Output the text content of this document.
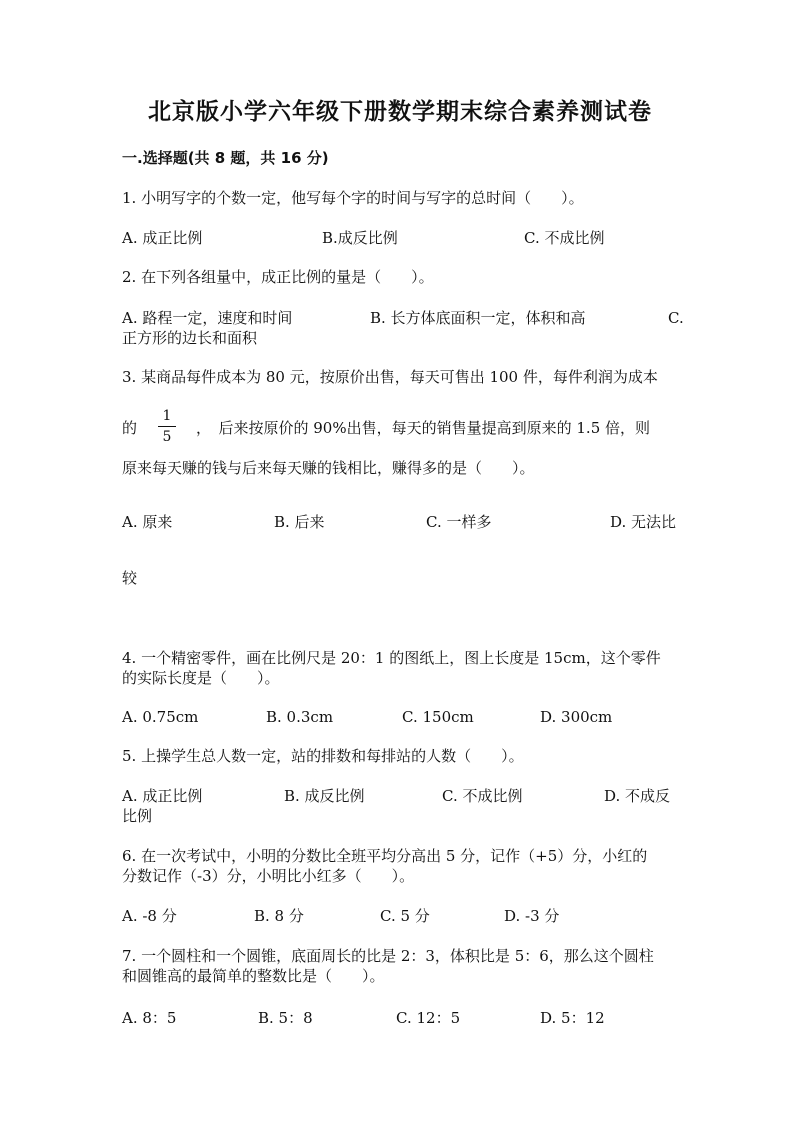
北京版小学六年级下册数学期末综合素养测试卷
一.选择题(共 8 题，共 16 分)
1. 小明写字的个数一定，他写每个字的时间与写字的总时间（　　）。
A. 成正比例	B.成反比例	C. 不成比例
2. 在下列各组量中，成正比例的量是（　　）。
A. 路程一定，速度和时间	B. 长方体底面积一定，体积和高	C.
正方形的边长和面积
3. 某商品每件成本为 80 元，按原价出售，每天可售出 100 件，每件利润为成本
的
1
5	，　后来按原价的 90%出售，每天的销售量提高到原来的 1.5 倍，则
原来每天赚的钱与后来每天赚的钱相比，赚得多的是（　　）。
A. 原来	B. 后来	C. 一样多	D. 无法比
较
4. 一个精密零件，画在比例尺是 20：1 的图纸上，图上长度是 15cm，这个零件
的实际长度是（　　）。
A. 0.75cm	B. 0.3cm	C. 150cm	D. 300cm
5. 上操学生总人数一定，站的排数和每排站的人数（　　）。
A. 成正比例	B. 成反比例	C. 不成比例	D. 不成反
比例
6. 在一次考试中，小明的分数比全班平均分高出 5 分，记作（+5）分，小红的
分数记作（-3）分，小明比小红多（　　）。
A. -8 分	B. 8 分	C. 5 分	D. -3 分
7. 一个圆柱和一个圆锥，底面周长的比是 2：3，体积比是 5：6，那么这个圆柱
和圆锥高的最简单的整数比是（　　）。
A. 8：5	B. 5：8	C. 12：5	D. 5：12
